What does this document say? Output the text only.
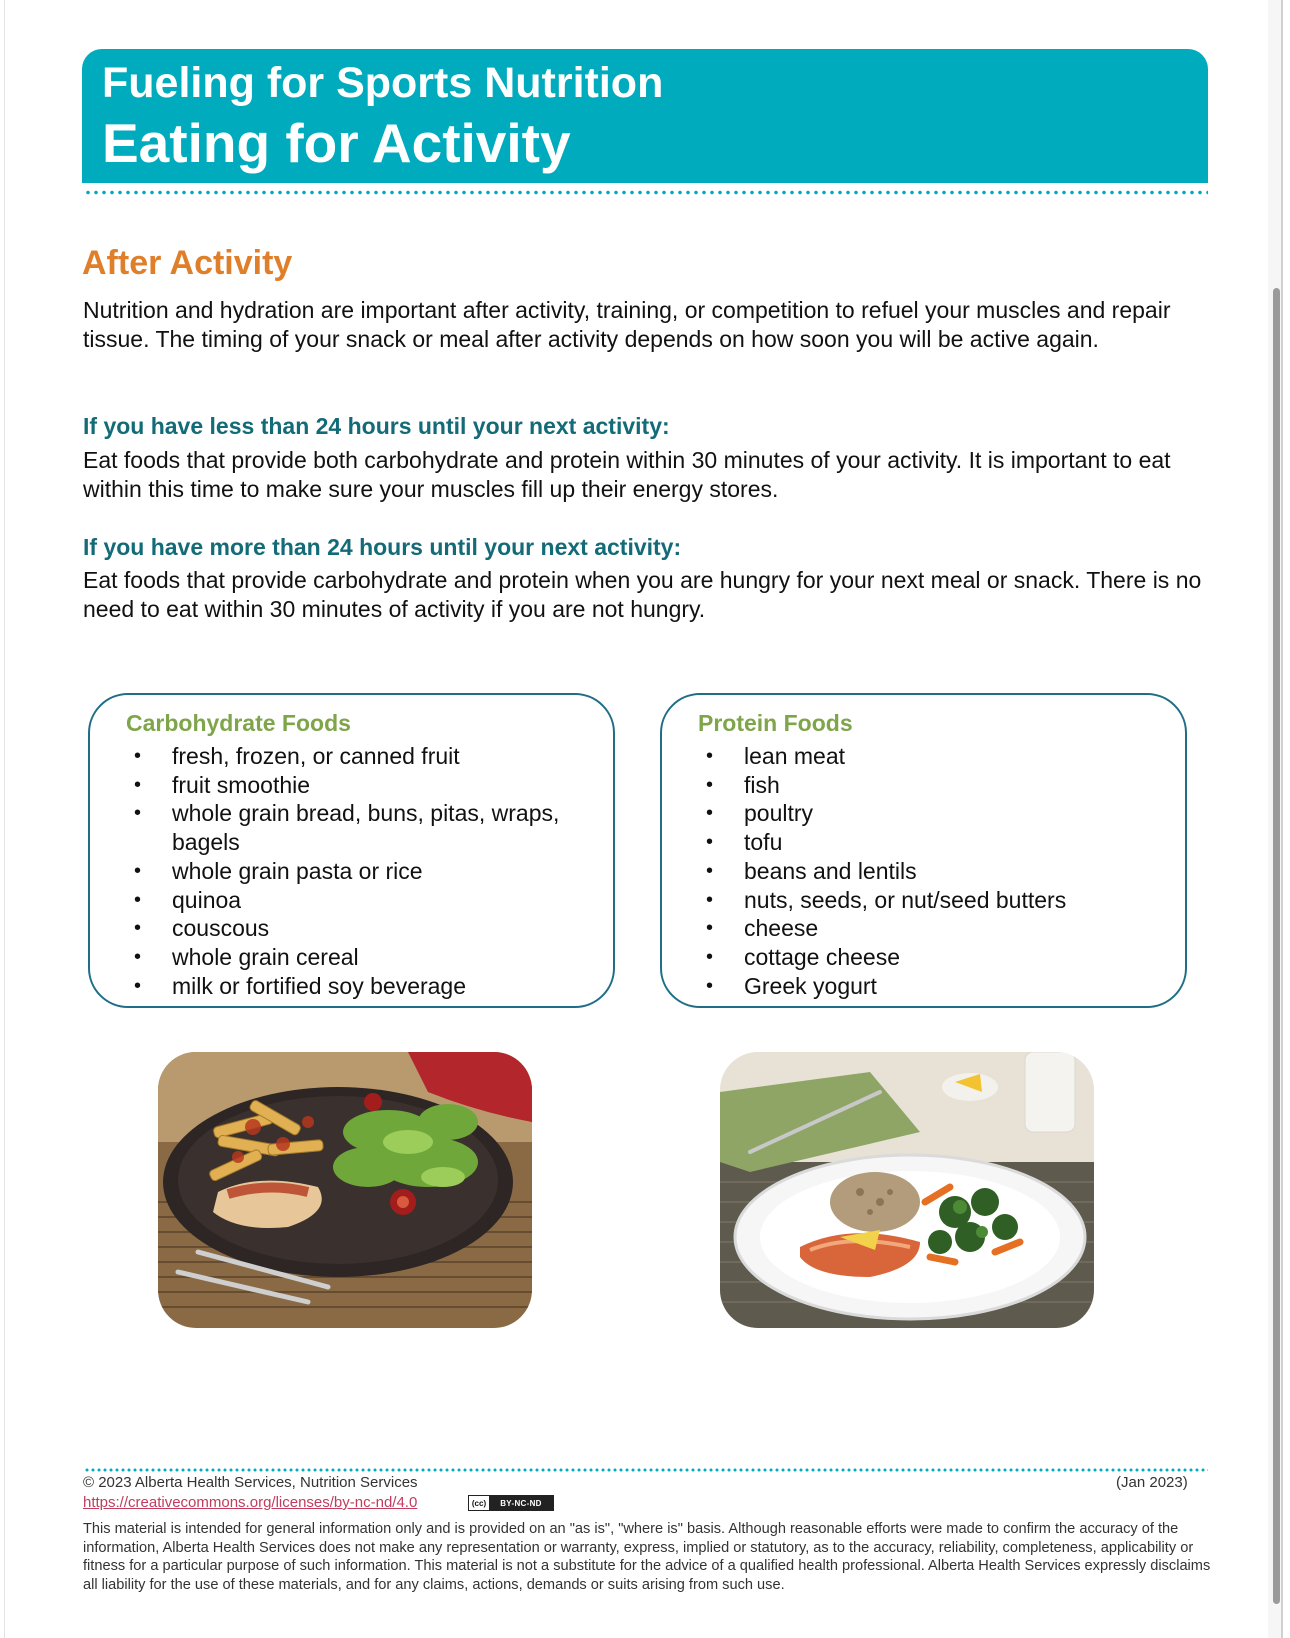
Fueling for Sports Nutrition
Eating for Activity
After Activity

Nutrition and hydration are important after activity, training, or competition to refuel your muscles and repair tissue. The timing of your snack or meal after activity depends on how soon you will be active again.

If you have less than 24 hours until your next activity:

Eat foods that provide both carbohydrate and protein within 30 minutes of your activity. It is important to eat within this time to make sure your muscles fill up their energy stores.

If you have more than 24 hours until your next activity:

Eat foods that provide carbohydrate and protein when you are hungry for your next meal or snack. There is no need to eat within 30 minutes of activity if you are not hungry.

Carbohydrate Foods
• fresh, frozen, or canned fruit
• fruit smoothie
• whole grain bread, buns, pitas, wraps,
bagels
• whole grain pasta or rice
• quinoa
• couscous
• whole grain cereal
• milk or fortified soy beverage
Protein Foods
• lean meat
• fish
• poultry
• tofu
• beans and lentils
• nuts, seeds, or nut/seed butters
• cheese
• cottage cheese
• Greek yogurt
© 2023 Alberta Health Services, Nutrition Services	(Jan 2023)
https://creativecommons.org/licenses/by-nc-nd/4.0	(cc)	BY-NC-ND

This material is intended for general information only and is provided on an "as is", "where is" basis. Although reasonable efforts were made to confirm the accuracy of the information, Alberta Health Services does not make any representation or warranty, express, implied or statutory, as to the accuracy, reliability, completeness, applicability or fitness for a particular purpose of such information. This material is not a substitute for the advice of a qualified health professional. Alberta Health Services expressly disclaims all liability for the use of these materials, and for any claims, actions, demands or suits arising from such use.
